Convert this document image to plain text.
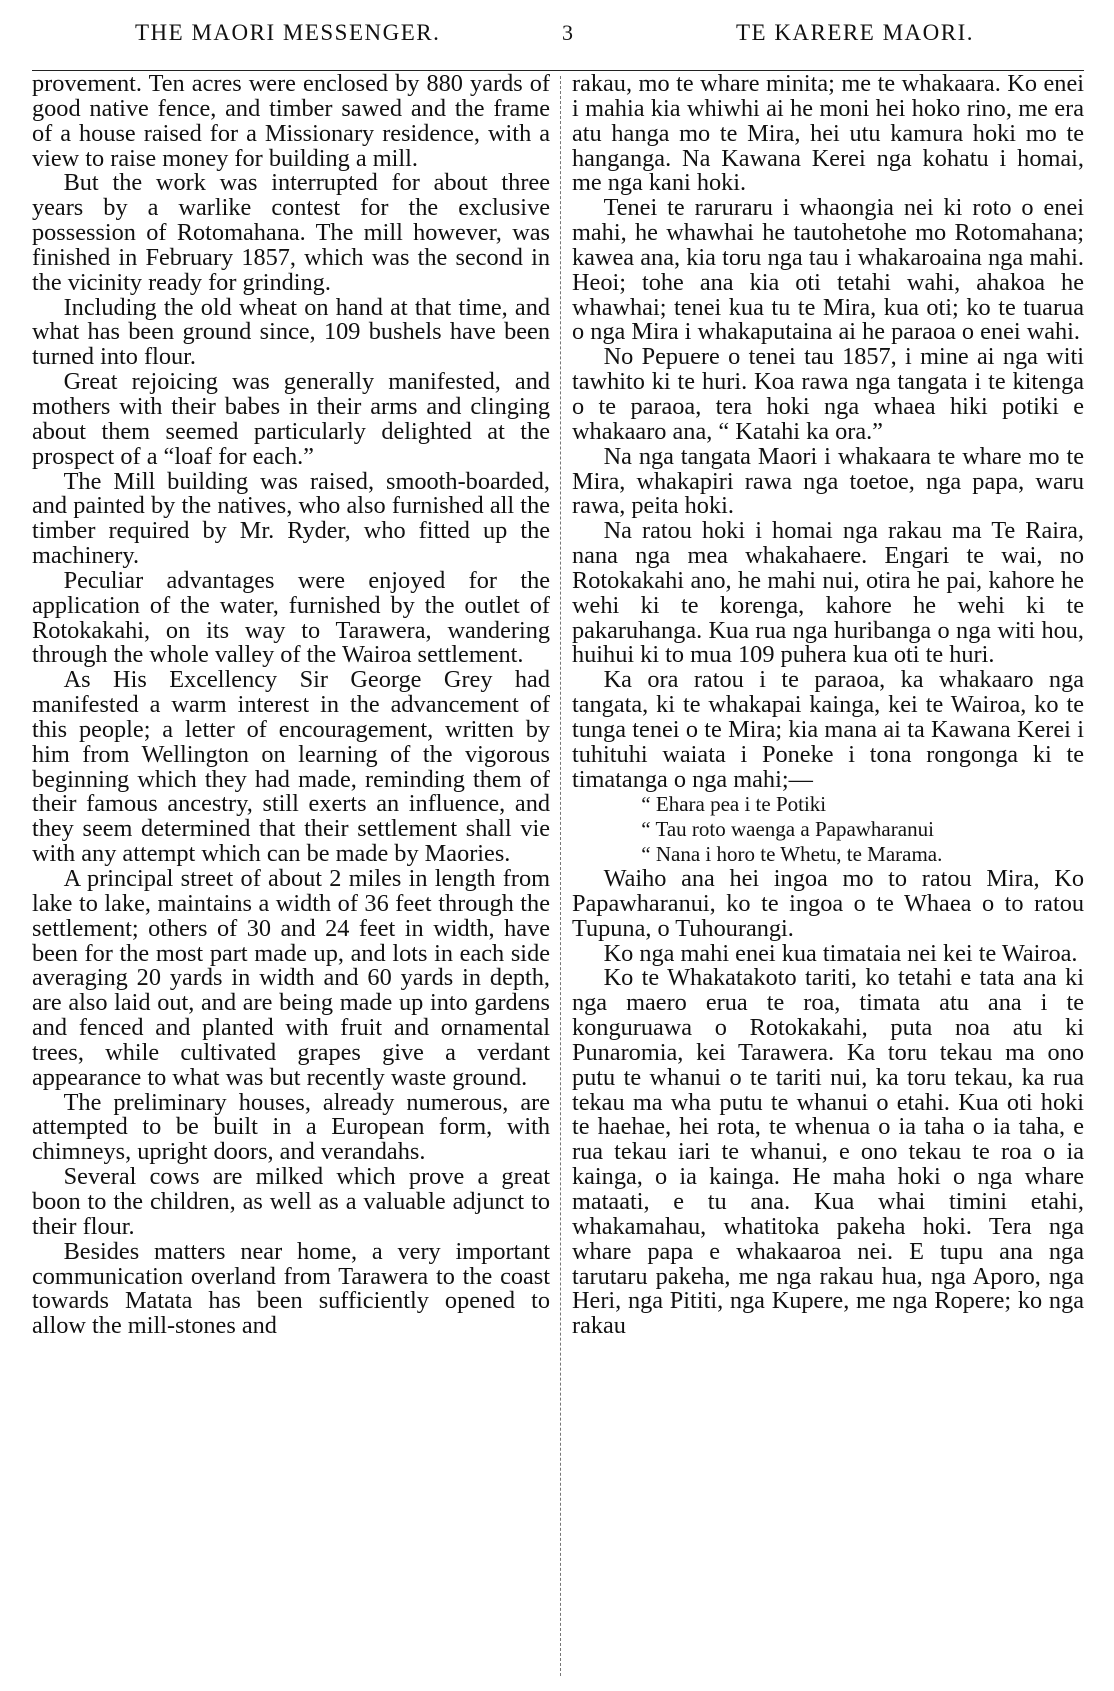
THE MAORI MESSENGER.	3	TE KARERE MAORI.

provement. Ten acres were enclosed by 880 yards of good native fence, and timber sawed and the frame of a house raised for a Missionary residence, with a view to raise money for building a mill.

But the work was interrupted for about three years by a warlike contest for the exclusive possession of Rotomahana. The mill however, was finished in February 1857, which was the second in the vicinity ready for grinding.

Including the old wheat on hand at that time, and what has been ground since, 109 bushels have been turned into flour.

Great rejoicing was generally manifested, and mothers with their babes in their arms and clinging about them seemed particularly delighted at the prospect of a “loaf for each.”

The Mill building was raised, smooth-boarded, and painted by the natives, who also furnished all the timber required by Mr. Ryder, who fitted up the machinery.

Peculiar advantages were enjoyed for the application of the water, furnished by the outlet of Rotokakahi, on its way to Tarawera, wandering through the whole valley of the Wairoa settlement.

As His Excellency Sir George Grey had manifested a warm interest in the advancement of this people; a letter of encouragement, written by him from Wellington on learning of the vigorous beginning which they had made, reminding them of their famous ancestry, still exerts an influence, and they seem determined that their settlement shall vie with any attempt which can be made by Maories.

A principal street of about 2 miles in length from lake to lake, maintains a width of 36 feet through the settlement; others of 30 and 24 feet in width, have been for the most part made up, and lots in each side averaging 20 yards in width and 60 yards in depth, are also laid out, and are being made up into gardens and fenced and planted with fruit and ornamental trees, while cultivated grapes give a verdant appearance to what was but recently waste ground.

The preliminary houses, already numerous, are attempted to be built in a European form, with chimneys, upright doors, and verandahs.

Several cows are milked which prove a great boon to the children, as well as a valuable adjunct to their flour.

Besides matters near home, a very important communication overland from Tarawera to the coast towards Matata has been sufficiently opened to allow the mill-stones and

rakau, mo te whare minita; me te whakaara. Ko enei i mahia kia whiwhi ai he moni hei hoko rino, me era atu hanga mo te Mira, hei utu kamura hoki mo te hanganga. Na Kawana Kerei nga kohatu i homai, me nga kani hoki.

Tenei te raruraru i whaongia nei ki roto o enei mahi, he whawhai he tautohetohe mo Rotomahana; kawea ana, kia toru nga tau i whakaroaina nga mahi. Heoi; tohe ana kia oti tetahi wahi, ahakoa he whawhai; tenei kua tu te Mira, kua oti; ko te tuarua o nga Mira i whakaputaina ai he paraoa o enei wahi.

No Pepuere o tenei tau 1857, i mine ai nga witi tawhito ki te huri. Koa rawa nga tangata i te kitenga o te paraoa, tera hoki nga whaea hiki potiki e whakaaro ana, “ Katahi ka ora.”

Na nga tangata Maori i whakaara te whare mo te Mira, whakapiri rawa nga toetoe, nga papa, waru rawa, peita hoki.

Na ratou hoki i homai nga rakau ma Te Raira, nana nga mea whakahaere. Engari te wai, no Rotokakahi ano, he mahi nui, otira he pai, kahore he wehi ki te korenga, kahore he wehi ki te pakaruhanga. Kua rua nga huribanga o nga witi hou, huihui ki to mua 109 puhera kua oti te huri.

Ka ora ratou i te paraoa, ka whakaaro nga tangata, ki te whakapai kainga, kei te Wairoa, ko te tunga tenei o te Mira; kia mana ai ta Kawana Kerei i tuhituhi waiata i Poneke i tona rongonga ki te timatanga o nga mahi;—

“ Ehara pea i te Potiki

“ Tau roto waenga a Papawharanui

“ Nana i horo te Whetu, te Marama.

Waiho ana hei ingoa mo to ratou Mira, Ko Papawharanui, ko te ingoa o te Whaea o to ratou Tupuna, o Tuhourangi.

Ko nga mahi enei kua timataia nei kei te Wairoa.

Ko te Whakatakoto tariti, ko tetahi e tata ana ki nga maero erua te roa, timata atu ana i te konguruawa o Rotokakahi, puta noa atu ki Punaromia, kei Tarawera. Ka toru tekau ma ono putu te whanui o te tariti nui, ka toru tekau, ka rua tekau ma wha putu te whanui o etahi. Kua oti hoki te haehae, hei rota, te whenua o ia taha o ia taha, e rua tekau iari te whanui, e ono tekau te roa o ia kainga, o ia kainga. He maha hoki o nga whare mataati, e tu ana. Kua whai timini etahi, whakamahau, whatitoka pakeha hoki. Tera nga whare papa e whakaaroa nei. E tupu ana nga tarutaru pakeha, me nga rakau hua, nga Aporo, nga Heri, nga Pititi, nga Kupere, me nga Ropere; ko nga rakau
